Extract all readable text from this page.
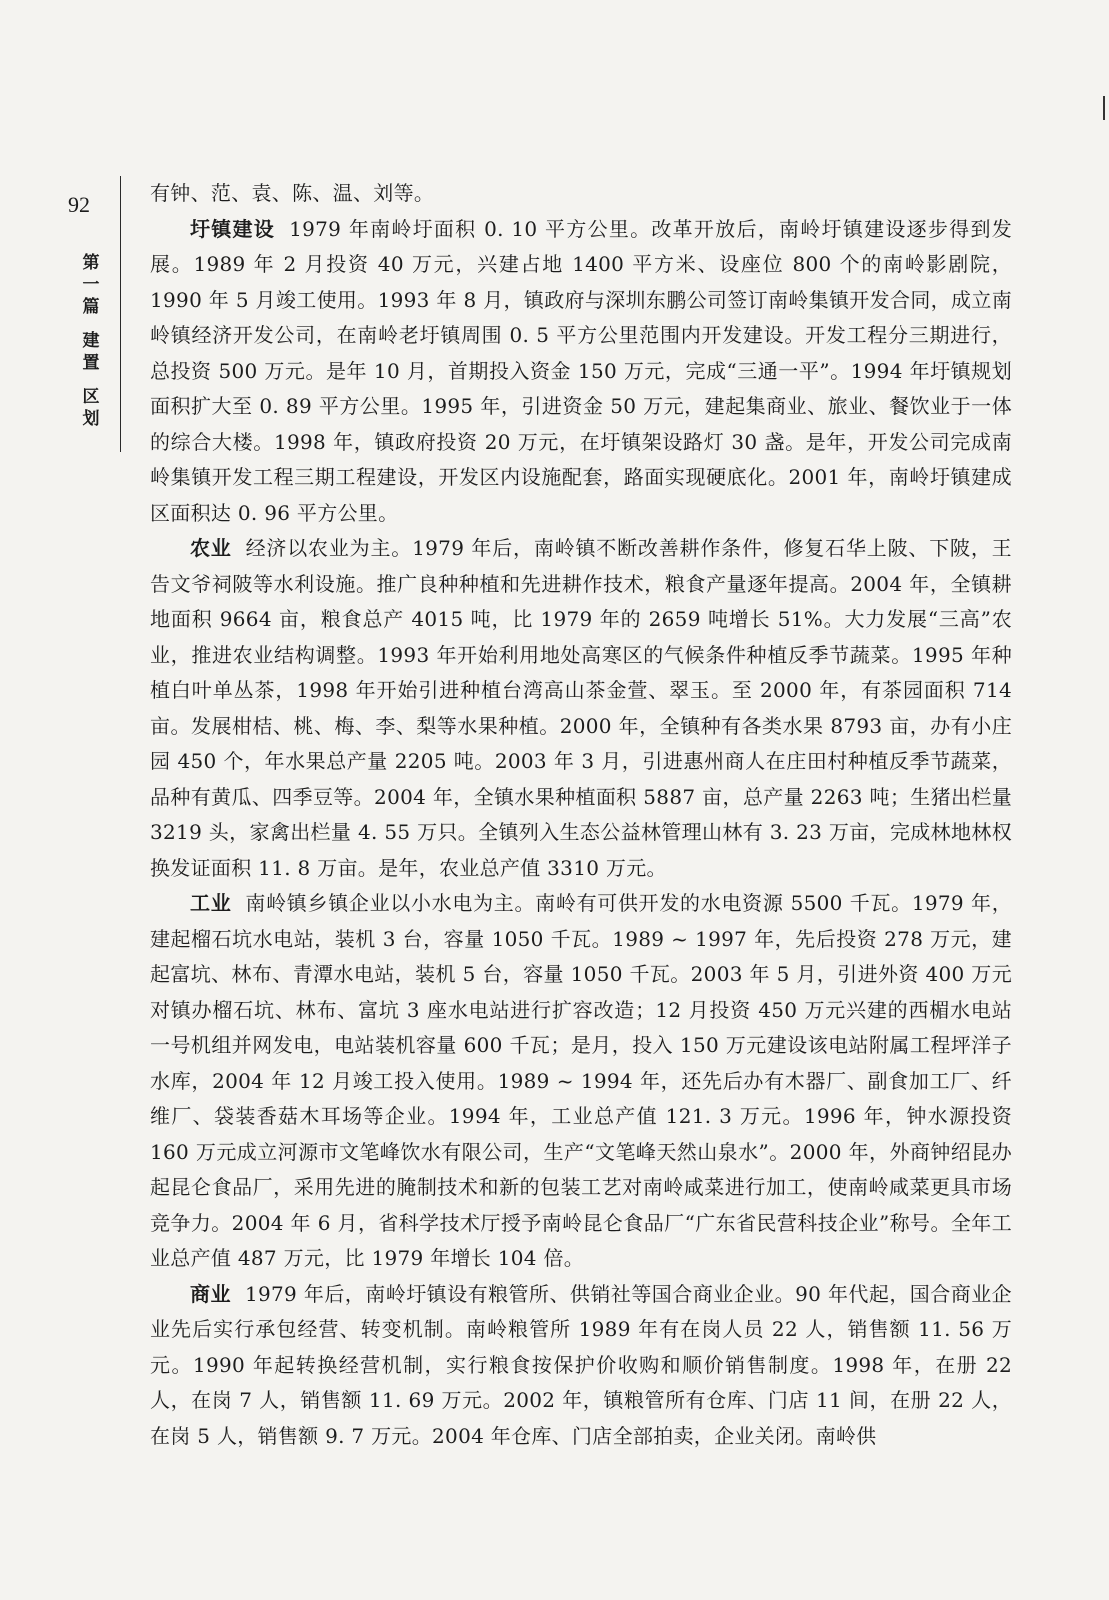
92
第
一
篇
建
置
区
划

有钟、范、袁、陈、温、刘等。

圩镇建设 1979 年南岭圩面积 0. 10 平方公里。改革开放后，南岭圩镇建设逐步得到发展。1989 年 2 月投资 40 万元，兴建占地 1400 平方米、设座位 800 个的南岭影剧院，1990 年 5 月竣工使用。1993 年 8 月，镇政府与深圳东鹏公司签订南岭集镇开发合同，成立南岭镇经济开发公司，在南岭老圩镇周围 0. 5 平方公里范围内开发建设。开发工程分三期进行，总投资 500 万元。是年 10 月，首期投入资金 150 万元，完成“三通一平”。1994 年圩镇规划面积扩大至 0. 89 平方公里。1995 年，引进资金 50 万元，建起集商业、旅业、餐饮业于一体的综合大楼。1998 年，镇政府投资 20 万元，在圩镇架设路灯 30 盏。是年，开发公司完成南岭集镇开发工程三期工程建设，开发区内设施配套，路面实现硬底化。2001 年，南岭圩镇建成区面积达 0. 96 平方公里。

农业 经济以农业为主。1979 年后，南岭镇不断改善耕作条件，修复石华上陂、下陂，王告文爷祠陂等水利设施。推广良种种植和先进耕作技术，粮食产量逐年提高。2004 年，全镇耕地面积 9664 亩，粮食总产 4015 吨，比 1979 年的 2659 吨增长 51%。大力发展“三高”农业，推进农业结构调整。1993 年开始利用地处高寒区的气候条件种植反季节蔬菜。1995 年种植白叶单丛茶，1998 年开始引进种植台湾高山茶金萱、翠玉。至 2000 年，有茶园面积 714 亩。发展柑桔、桃、梅、李、梨等水果种植。2000 年，全镇种有各类水果 8793 亩，办有小庄园 450 个，年水果总产量 2205 吨。2003 年 3 月，引进惠州商人在庄田村种植反季节蔬菜，品种有黄瓜、四季豆等。2004 年，全镇水果种植面积 5887 亩，总产量 2263 吨；生猪出栏量 3219 头，家禽出栏量 4. 55 万只。全镇列入生态公益林管理山林有 3. 23 万亩，完成林地林权换发证面积 11. 8 万亩。是年，农业总产值 3310 万元。

工业 南岭镇乡镇企业以小水电为主。南岭有可供开发的水电资源 5500 千瓦。1979 年，建起榴石坑水电站，装机 3 台，容量 1050 千瓦。1989 ~ 1997 年，先后投资 278 万元，建起富坑、林布、青潭水电站，装机 5 台，容量 1050 千瓦。2003 年 5 月，引进外资 400 万元对镇办榴石坑、林布、富坑 3 座水电站进行扩容改造；12 月投资 450 万元兴建的西楣水电站一号机组并网发电，电站装机容量 600 千瓦；是月，投入 150 万元建设该电站附属工程坪洋子水库，2004 年 12 月竣工投入使用。1989 ~ 1994 年，还先后办有木器厂、副食加工厂、纤维厂、袋装香菇木耳场等企业。1994 年，工业总产值 121. 3 万元。1996 年，钟水源投资 160 万元成立河源市文笔峰饮水有限公司，生产“文笔峰天然山泉水”。2000 年，外商钟绍昆办起昆仑食品厂，采用先进的腌制技术和新的包装工艺对南岭咸菜进行加工，使南岭咸菜更具市场竞争力。2004 年 6 月，省科学技术厅授予南岭昆仑食品厂“广东省民营科技企业”称号。全年工业总产值 487 万元，比 1979 年增长 104 倍。

商业 1979 年后，南岭圩镇设有粮管所、供销社等国合商业企业。90 年代起，国合商业企业先后实行承包经营、转变机制。南岭粮管所 1989 年有在岗人员 22 人，销售额 11. 56 万元。1990 年起转换经营机制，实行粮食按保护价收购和顺价销售制度。1998 年，在册 22 人，在岗 7 人，销售额 11. 69 万元。2002 年，镇粮管所有仓库、门店 11 间，在册 22 人，在岗 5 人，销售额 9. 7 万元。2004 年仓库、门店全部拍卖，企业关闭。南岭供
